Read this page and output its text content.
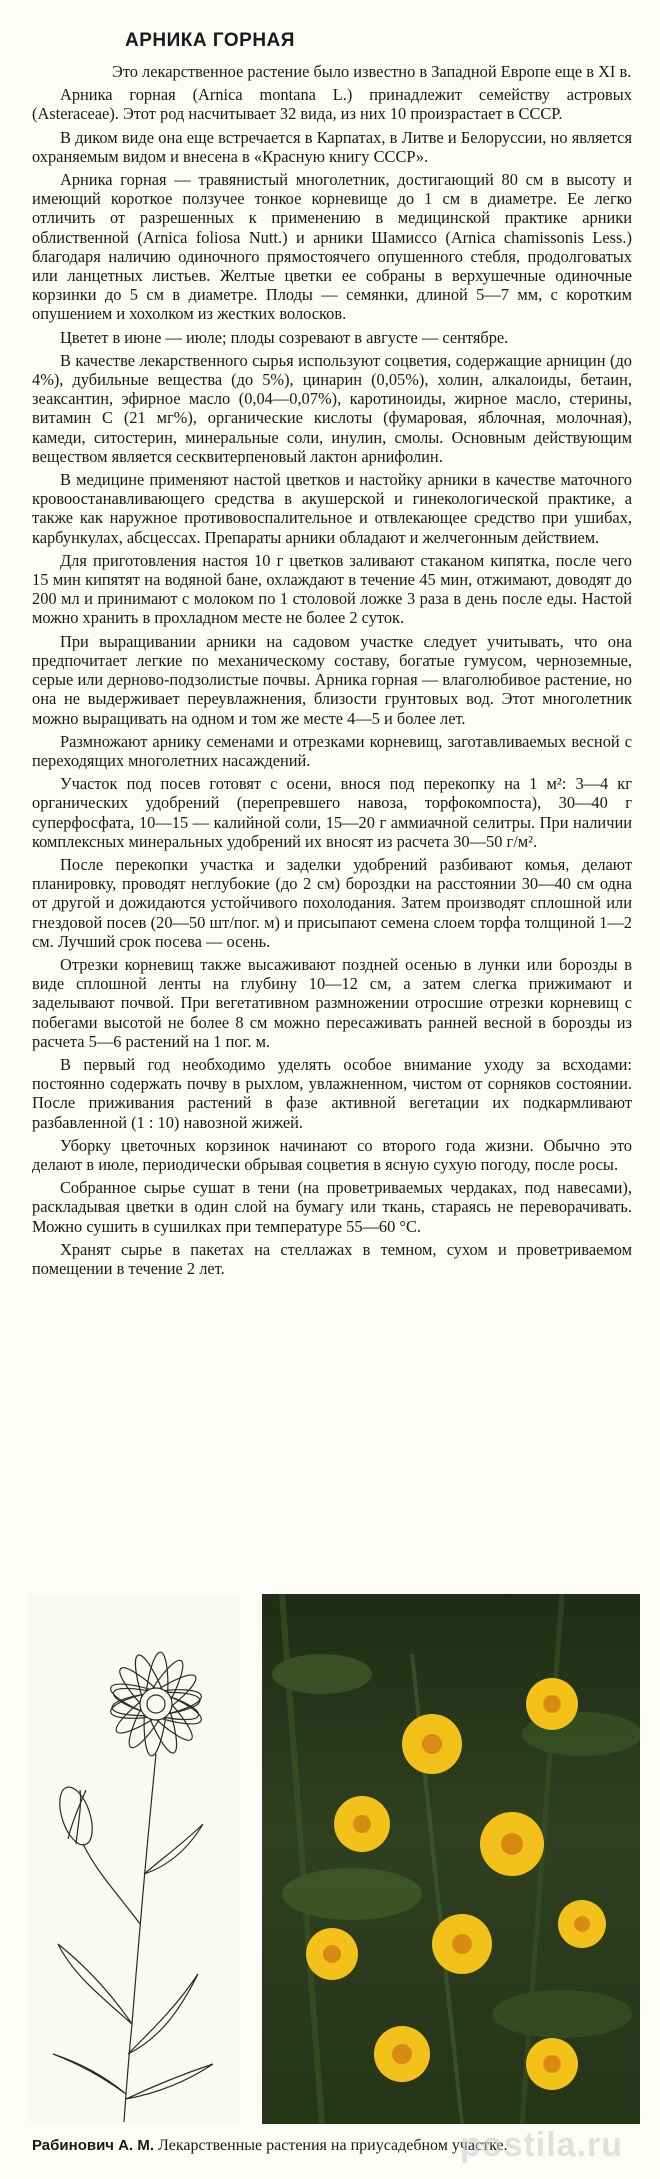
АРНИКА ГОРНАЯ

Это лекарственное растение было известно в Западной Европе еще в XI в.

Арника горная (Arnica montana L.) принадлежит семейству астровых (Asteraceae). Этот род насчитывает 32 вида, из них 10 произрастает в СССР.

В диком виде она еще встречается в Карпатах, в Литве и Белоруссии, но является охраняемым видом и внесена в «Красную книгу СССР».

Арника горная — травянистый многолетник, достигающий 80 см в высоту и имеющий короткое ползучее тонкое корневище до 1 см в диаметре. Ее легко отличить от разрешенных к применению в медицинской практике арники облиственной (Arnica foliosa Nutt.) и арники Шамиссо (Arnica chamissonis Less.) благодаря наличию одиночного прямостоячего опушенного стебля, продолговатых или ланцетных листьев. Желтые цветки ее собраны в верхушечные одиночные корзинки до 5 см в диаметре. Плоды — семянки, длиной 5—7 мм, с коротким опушением и хохолком из жестких волосков.

Цветет в июне — июле; плоды созревают в августе — сентябре.

В качестве лекарственного сырья используют соцветия, содержащие арницин (до 4%), дубильные вещества (до 5%), цинарин (0,05%), холин, алкалоиды, бетаин, зеаксантин, эфирное масло (0,04—0,07%), каротиноиды, жирное масло, стерины, витамин С (21 мг%), органические кислоты (фумаровая, яблочная, молочная), камеди, ситостерин, минеральные соли, инулин, смолы. Основным действующим веществом является сесквитерпеновый лактон арнифолин.

В медицине применяют настой цветков и настойку арники в качестве маточного кровоостанавливающего средства в акушерской и гинекологической практике, а также как наружное противовоспалительное и отвлекающее средство при ушибах, карбункулах, абсцессах. Препараты арники обладают и желчегонным действием.

Для приготовления настоя 10 г цветков заливают стаканом кипятка, после чего 15 мин кипятят на водяной бане, охлаждают в течение 45 мин, отжимают, доводят до 200 мл и принимают с молоком по 1 столовой ложке 3 раза в день после еды. Настой можно хранить в прохладном месте не более 2 суток.

При выращивании арники на садовом участке следует учитывать, что она предпочитает легкие по механическому составу, богатые гумусом, черноземные, серые или дерново-подзолистые почвы. Арника горная — влаголюбивое растение, но она не выдерживает переувлажнения, близости грунтовых вод. Этот многолетник можно выращивать на одном и том же месте 4—5 и более лет.

Размножают арнику семенами и отрезками корневищ, заготавливаемых весной с переходящих многолетних насаждений.

Участок под посев готовят с осени, внося под перекопку на 1 м²: 3—4 кг органических удобрений (перепревшего навоза, торфокомпоста), 30—40 г суперфосфата, 10—15 — калийной соли, 15—20 г аммиачной селитры. При наличии комплексных минеральных удобрений их вносят из расчета 30—50 г/м².

После перекопки участка и заделки удобрений разбивают комья, делают планировку, проводят неглубокие (до 2 см) бороздки на расстоянии 30—40 см одна от другой и дожидаются устойчивого похолодания. Затем производят сплошной или гнездовой посев (20—50 шт/пог. м) и присыпают семена слоем торфа толщиной 1—2 см. Лучший срок посева — осень.

Отрезки корневищ также высаживают поздней осенью в лунки или борозды в виде сплошной ленты на глубину 10—12 см, а затем слегка прижимают и заделывают почвой. При вегетативном размножении отросшие отрезки корневищ с побегами высотой не более 8 см можно пересаживать ранней весной в борозды из расчета 5—6 растений на 1 пог. м.

В первый год необходимо уделять особое внимание уходу за всходами: постоянно содержать почву в рыхлом, увлажненном, чистом от сорняков состоянии. После приживания растений в фазе активной вегетации их подкармливают разбавленной (1 : 10) навозной жижей.

Уборку цветочных корзинок начинают со второго года жизни. Обычно это делают в июле, периодически обрывая соцветия в ясную сухую погоду, после росы.

Собранное сырье сушат в тени (на проветриваемых чердаках, под навесами), раскладывая цветки в один слой на бумагу или ткань, стараясь не переворачивать. Можно сушить в сушилках при температуре 55—60 °С.

Хранят сырье в пакетах на стеллажах в темном, сухом и проветриваемом помещении в течение 2 лет.

Рабинович А. М. Лекарственные растения на приусадебном участке.
postila.ru
